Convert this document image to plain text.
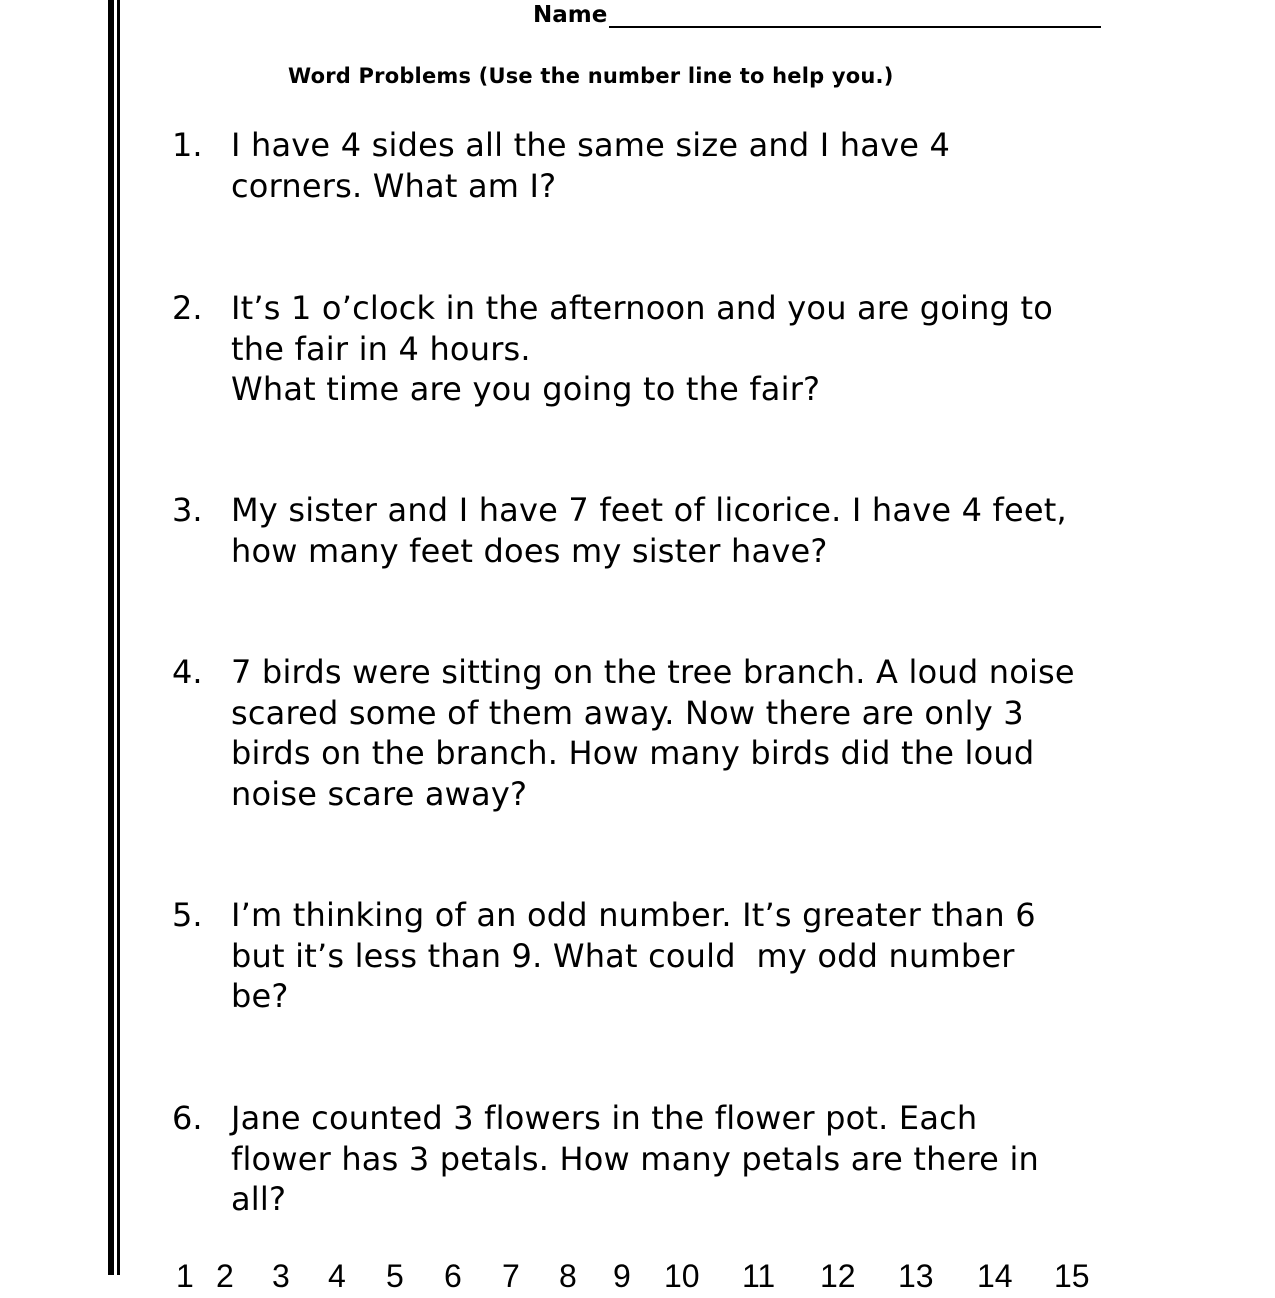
Name
Word Problems (Use the number line to help you.)
1. I have 4 sides all the same size and I have 4
corners. What am I?
2. It’s 1 o’clock in the afternoon and you are going to
the fair in 4 hours.
What time are you going to the fair?
3. My sister and I have 7 feet of licorice. I have 4 feet,
how many feet does my sister have?
4. 7 birds were sitting on the tree branch. A loud noise
scared some of them away. Now there are only 3
birds on the branch. How many birds did the loud
noise scare away?
5. I’m thinking of an odd number. It’s greater than 6
but it’s less than 9. What could  my odd number
be?
6. Jane counted 3 flowers in the flower pot. Each
flower has 3 petals. How many petals are there in
all?
1 2 3 4 5 6 7 8 9 10 11 12 13 14 15
